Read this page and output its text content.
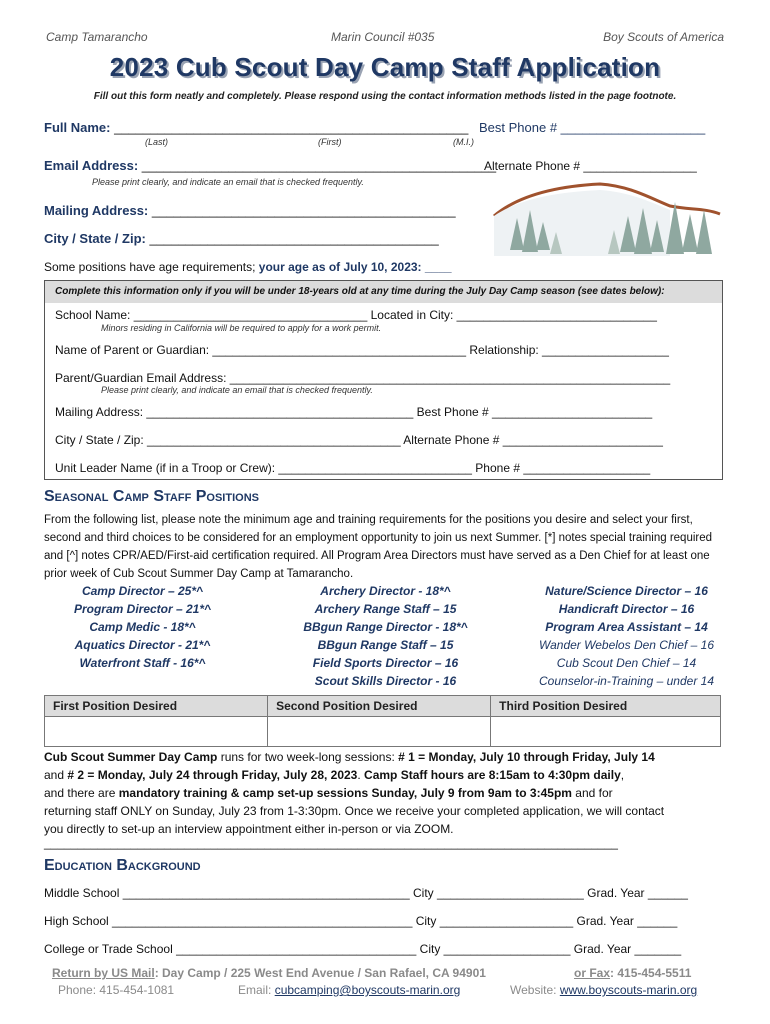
Camp Tamarancho	Marin Council #035	Boy Scouts of America
2023 Cub Scout Day Camp Staff Application
Fill out this form neatly and completely. Please respond using the contact information methods listed in the page footnote.
Full Name: _________________________________________________ Best Phone # ____________________
(Last)	(First)	(M.I.)
Email Address: _________________________________________________
Alternate Phone # _________________
Please print clearly, and indicate an email that is checked frequently.
Mailing Address: __________________________________________
City / State / Zip: ________________________________________
Some positions have age requirements; your age as of July 10, 2023: ____
Complete this information only if you will be under 18-years old at any time during the July Day Camp season (see dates below):
School Name: ___________________________________ Located in City: ______________________________
Minors residing in California will be required to apply for a work permit.
Name of Parent or Guardian: ______________________________________ Relationship: ___________________
Parent/Guardian Email Address: __________________________________________________________________
Please print clearly, and indicate an email that is checked frequently.
Mailing Address: ________________________________________ Best Phone # ________________________
City / State / Zip: ______________________________________ Alternate Phone # ________________________
Unit Leader Name (if in a Troop or Crew): _____________________________ Phone # ___________________
Seasonal Camp Staff Positions
From the following list, please note the minimum age and training requirements for the positions you desire and select your first, second and third choices to be considered for an employment opportunity to join us next Summer. [*] notes special training required and [^] notes CPR/AED/First-aid certification required. All Program Area Directors must have served as a Den Chief for at least one prior week of Cub Scout Summer Day Camp at Tamarancho.
Camp Director – 25*^
Program Director – 21*^
Camp Medic - 18*^
Aquatics Director - 21*^
Waterfront Staff - 16*^
Archery Director - 18*^
Archery Range Staff – 15
BBgun Range Director - 18*^
BBgun Range Staff – 15
Field Sports Director – 16
Scout Skills Director - 16
Nature/Science Director – 16
Handicraft Director – 16
Program Area Assistant – 14
Wander Webelos Den Chief – 16
Cub Scout Den Chief – 14
Counselor-in-Training – under 14
First Position Desired	Second Position Desired	Third Position Desired

Cub Scout Summer Day Camp runs for two week-long sessions: # 1 = Monday, July 10 through Friday, July 14
and # 2 = Monday, July 24 through Friday, July 28, 2023. Camp Staff hours are 8:15am to 4:30pm daily,
and there are mandatory training & camp set-up sessions Sunday, July 9 from 9am to 3:45pm and for
returning staff ONLY on Sunday, July 23 from 1-3:30pm. Once we receive your completed application, we will contact
you directly to set-up an interview appointment either in-person or via ZOOM.
______________________________________________________________________________________
Education Background
Middle School ___________________________________________ City ______________________ Grad. Year ______
High School _____________________________________________ City ____________________ Grad. Year ______
College or Trade School ____________________________________ City ___________________ Grad. Year _______
Return by US Mail: Day Camp / 225 West End Avenue / San Rafael, CA 94901	or Fax: 415-454-5511
Phone: 415-454-1081	Email: cubcamping@boyscouts-marin.org	Website: www.boyscouts-marin.org
